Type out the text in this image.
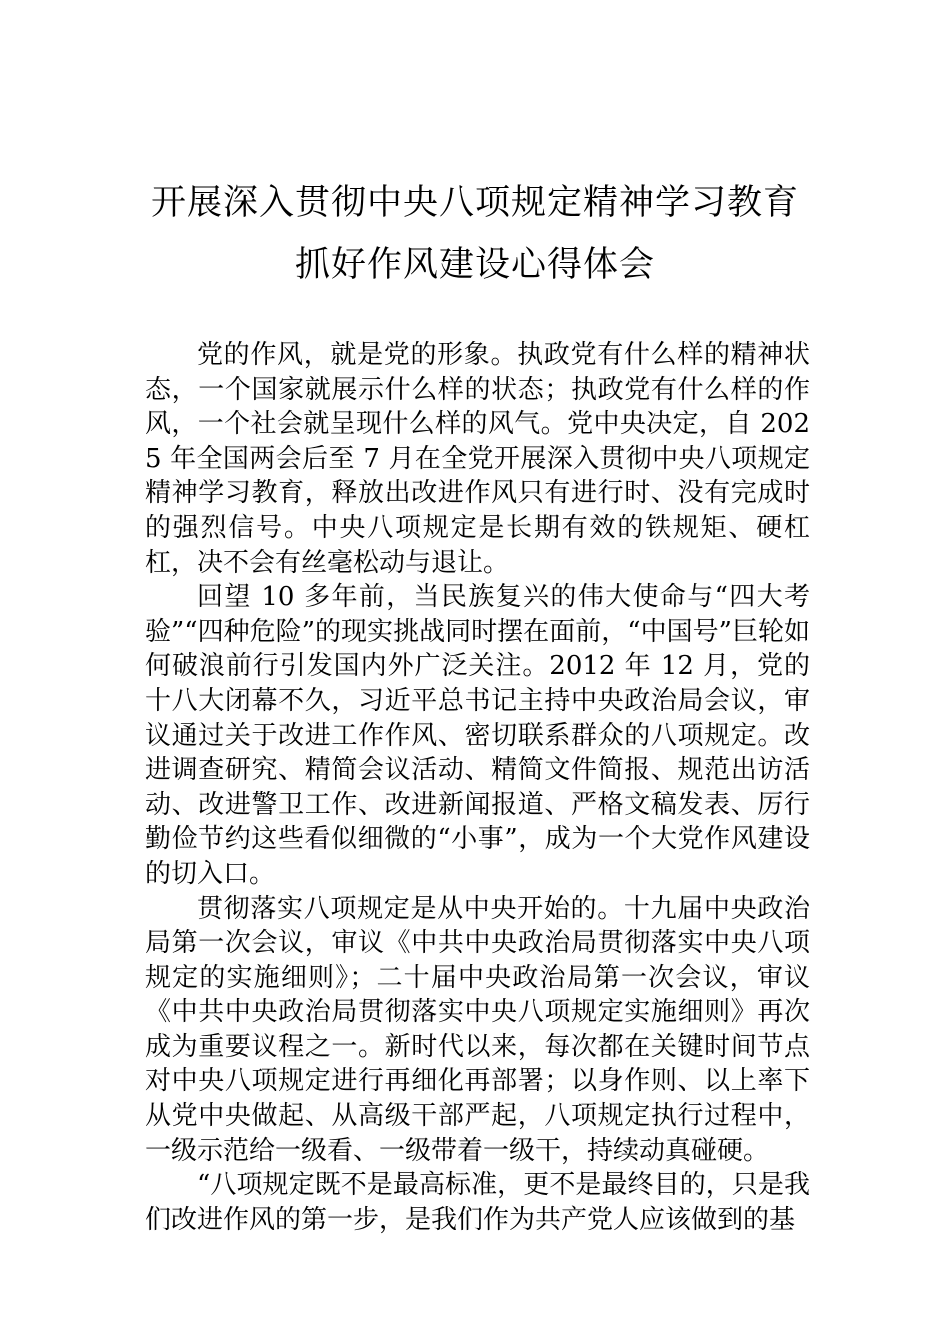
开展深入贯彻中央八项规定精神学习教育
抓好作风建设心得体会

党的作风，就是党的形象。执政党有什么样的精神状态，一个国家就展示什么样的状态；执政党有什么样的作风，一个社会就呈现什么样的风气。党中央决定，自 2025 年全国两会后至 7 月在全党开展深入贯彻中央八项规定精神学习教育，释放出改进作风只有进行时、没有完成时的强烈信号。中央八项规定是长期有效的铁规矩、硬杠杠，决不会有丝毫松动与退让。

回望 10 多年前，当民族复兴的伟大使命与“四大考验”“四种危险”的现实挑战同时摆在面前，“中国号”巨轮如何破浪前行引发国内外广泛关注。2012 年 12 月，党的十八大闭幕不久，习近平总书记主持中央政治局会议，审议通过关于改进工作作风、密切联系群众的八项规定。改进调查研究、精简会议活动、精简文件简报、规范出访活动、改进警卫工作、改进新闻报道、严格文稿发表、厉行勤俭节约这些看似细微的“小事”，成为一个大党作风建设的切入口。

贯彻落实八项规定是从中央开始的。十九届中央政治局第一次会议，审议《中共中央政治局贯彻落实中央八项规定的实施细则》；二十届中央政治局第一次会议，审议《中共中央政治局贯彻落实中央八项规定实施细则》再次成为重要议程之一。新时代以来，每次都在关键时间节点对中央八项规定进行再细化再部署；以身作则、以上率下从党中央做起、从高级干部严起，八项规定执行过程中，一级示范给一级看、一级带着一级干，持续动真碰硬。

“八项规定既不是最高标准，更不是最终目的，只是我们改进作风的第一步，是我们作为共产党人应该做到的基
